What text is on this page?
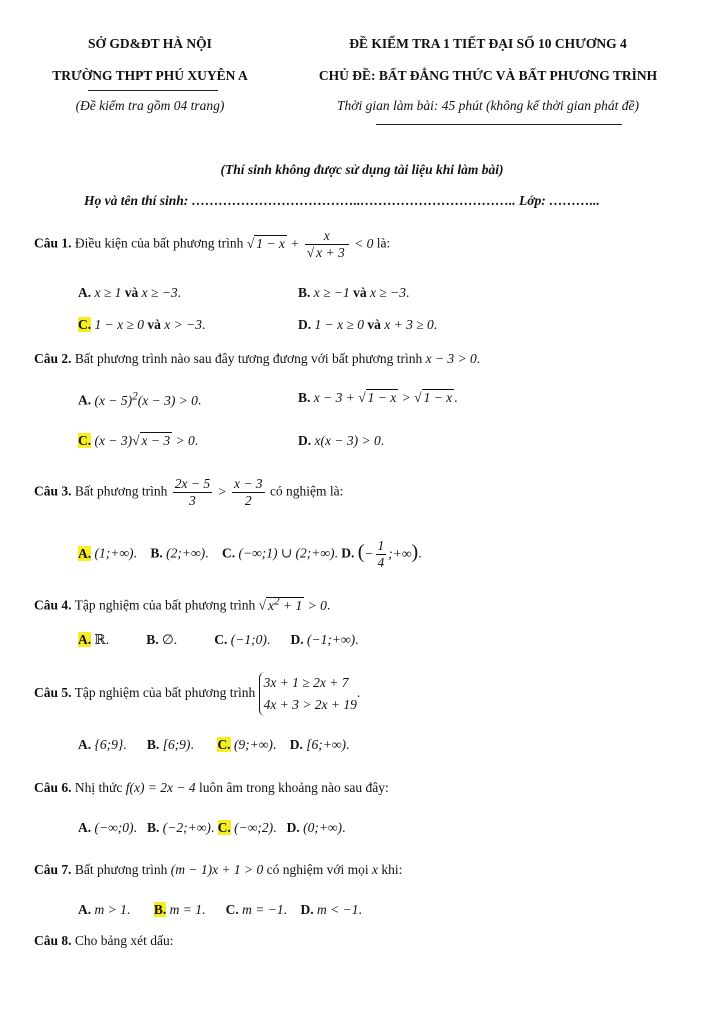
SỞ GD&ĐT HÀ NỘI
TRƯỜNG THPT PHÚ XUYÊN A
(Đề kiểm tra gồm 04 trang)
ĐỀ KIỂM TRA 1 TIẾT ĐẠI SỐ 10 CHƯƠNG 4
CHỦ ĐỀ: BẤT ĐẲNG THỨC VÀ BẤT PHƯƠNG TRÌNH
Thời gian làm bài: 45 phút (không kể thời gian phát đề)
(Thí sinh không được sử dụng tài liệu khi làm bài)
Họ và tên thí sinh: ………………………………..…………………………….. Lớp: ………...
Câu 1. Điều kiện của bất phương trình √ $1 - x + \frac{x}{√ x + 3} < 0$ là:
A. x ≥ 1 và x ≥ −3.	B. x ≥ −1 và x ≥ −3.
C. 1 − x ≥ 0 và x > −3.	D. 1 − x ≥ 0 và x + 3 ≥ 0.
Câu 2. Bất phương trình nào sau đây tương đương với bất phương trình x − 3 > 0.
A. $(x - 5)^2(x - 3) > 0$.	B. x − 3 + √ 1 − x > √ 1 − x .
C. (x − 3)√ x − 3 > 0.	D. x(x − 3) > 0.
Câu 3. Bất phương trình $\frac{2x - 5}{3} > \frac{x - 3}{2}$ có nghiệm là:
A. (1;+∞). B. (2;+∞). C. (−∞;1) ∪ (2;+∞). D. (− $\frac{1}{4}$ ;+∞).
Câu 4. Tập nghiệm của bất phương trình √ $x^2 + 1 > 0$.
A. ℝ.	B. ∅.	C. (−1;0). D. (−1;+∞).
Câu 5. Tập nghiệm của bất phương trình 3x + 1 ≥ 2x + 7
4x + 3 > 2x + 19.
A. {6;9}. B. [6;9). C. (9;+∞). D. [6;+∞).
Câu 6. Nhị thức f(x) = 2x − 4 luôn âm trong khoảng nào sau đây:
A. (−∞;0). B. (−2;+∞). C. (−∞;2). D. (0;+∞).
Câu 7. Bất phương trình (m − 1)x + 1 > 0 có nghiệm với mọi x khi:
A. m > 1. B. m = 1. C. m = −1. D. m < −1.
Câu 8. Cho bảng xét dấu:
